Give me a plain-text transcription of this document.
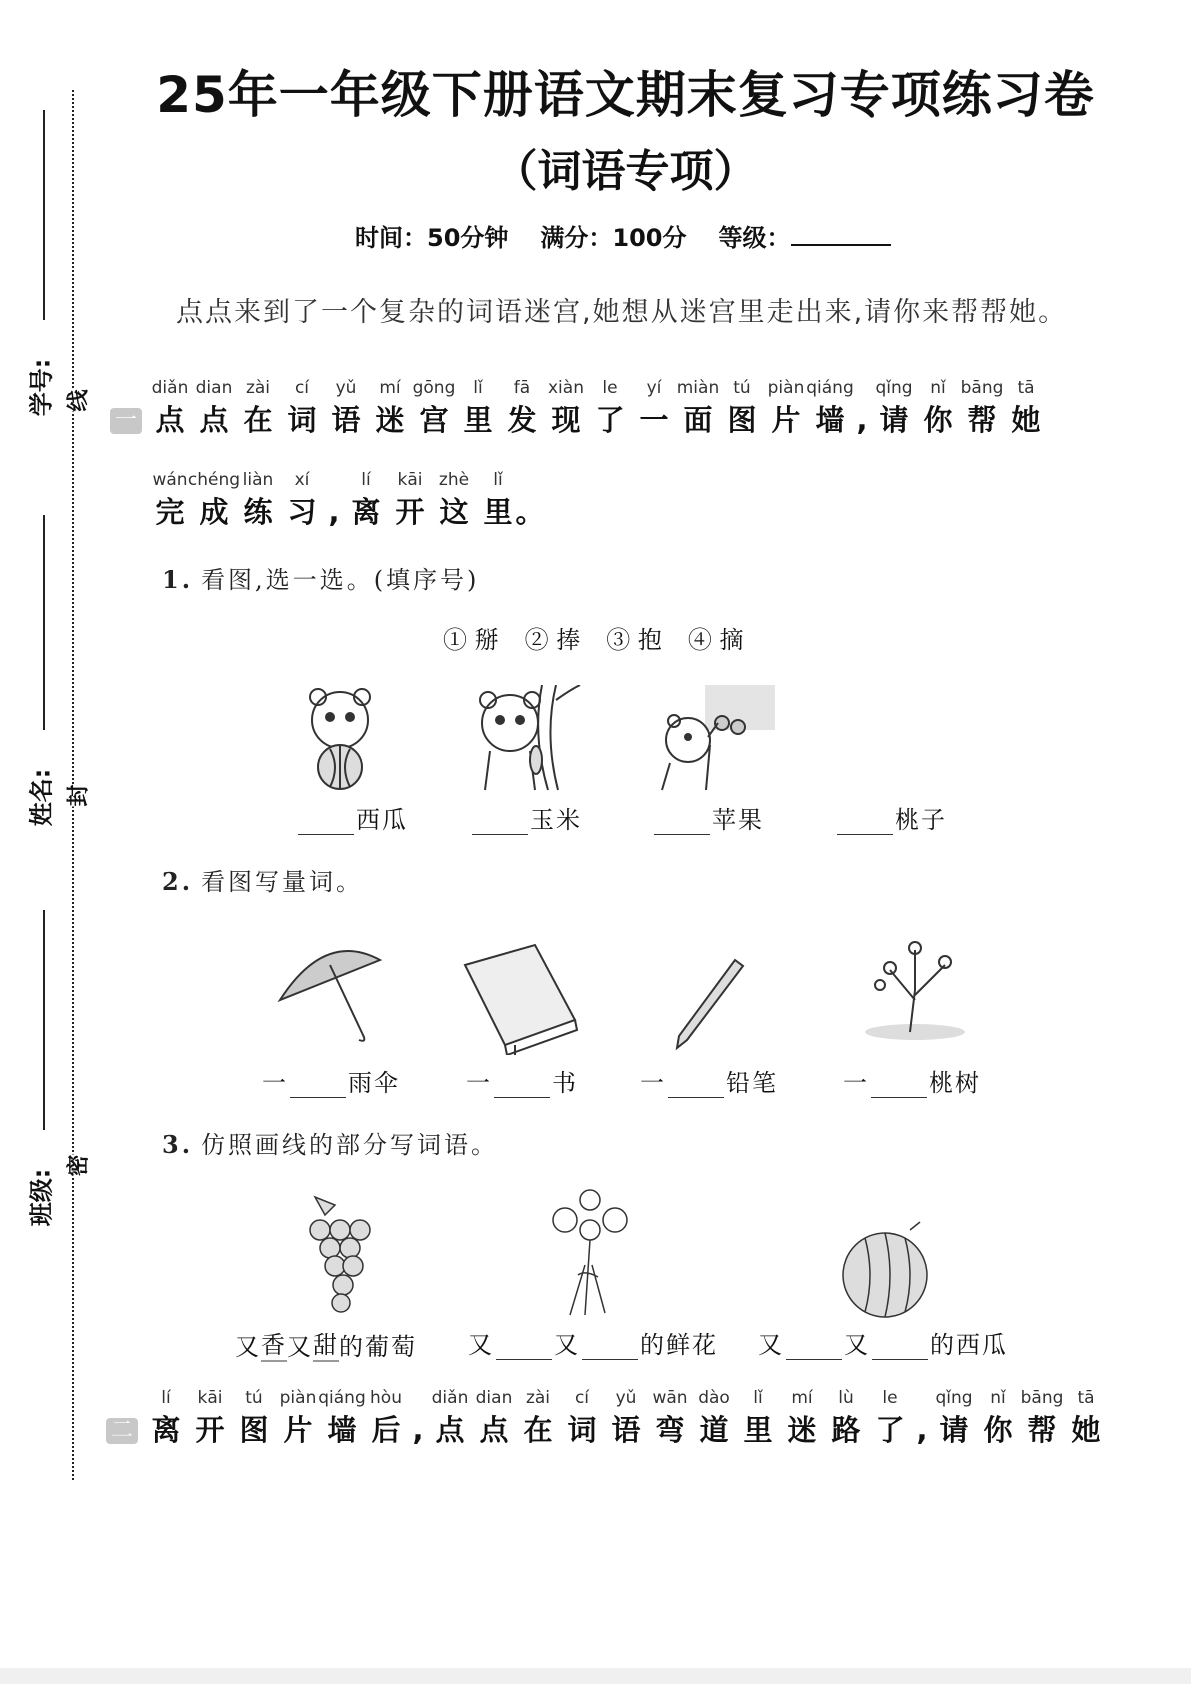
学号:
姓名:
班级:
线
封
密
25年一年级下册语文期末复习专项练习卷
（词语专项）
时间：50分钟 满分：100分 等级：
点点来到了一个复杂的词语迷宫,她想从迷宫里走出来,请你来帮帮她。
一
diǎn
点
dian
点
zài
在
cí
词
yǔ
语
mí
迷
gōng
宫
lǐ
里
fā
发
xiàn
现
le
了
yí
一
miàn
面
tú
图
piàn
片
qiáng
墙 ,
qǐng
请
nǐ
你
bāng
帮
tā
她
wán
完
chéng
成
liàn
练
xí
习 ,
lí
离
kāi
开
zhè
这
lǐ
里 。
1. 看图,选一选。(填序号)
① 掰 ② 捧 ③ 抱 ④ 摘
西瓜	玉米	苹果	桃子
2. 看图写量词。
一	雨伞	一	书	一	铅笔	一	桃树
3. 仿照画线的部分写词语。
又 香 又 甜 的葡萄 又	又	的鲜花 又	又	的西瓜
二
lí
离
kāi
开
tú
图
piàn
片
qiáng
墙
hòu
后 ,
diǎn
点
dian
点
zài
在
cí
词
yǔ
语
wān
弯
dào
道
lǐ
里
mí
迷
lù
路
le
了 ,
qǐng
请
nǐ
你
bāng
帮
tā
她
